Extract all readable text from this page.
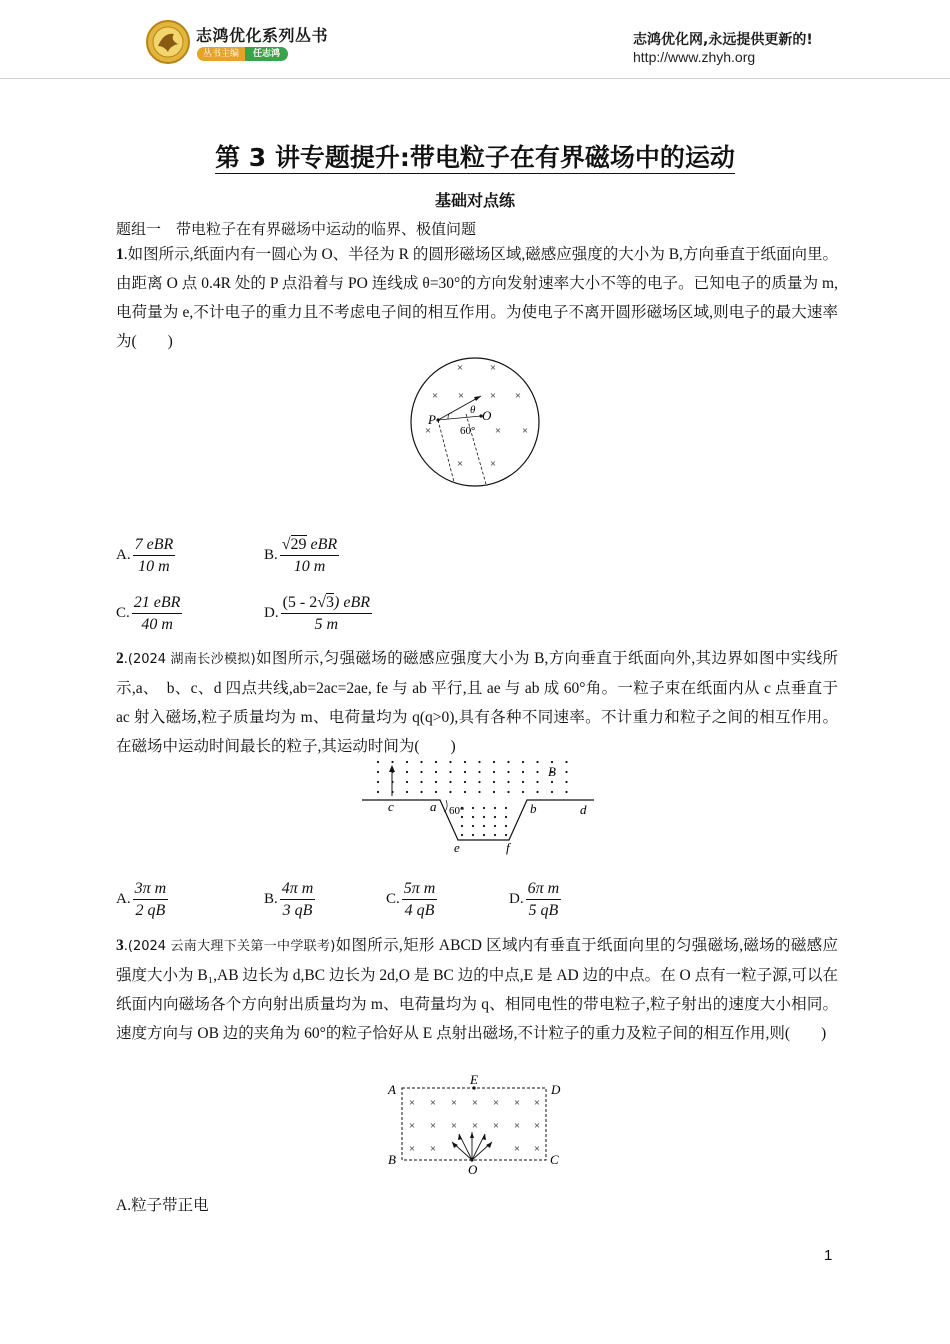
志鸿优化系列丛书
丛书主编	任志鸿
志鸿优化网,永远提供更新的!
http://www.zhyh.org
第 3 讲专题提升:带电粒子在有界磁场中的运动
基础对点练
题组一　带电粒子在有界磁场中运动的临界、极值问题
1.如图所示,纸面内有一圆心为 O、半径为 R 的圆形磁场区域,磁感应强度的大小为 B,方向垂直于纸面向里。由距离 O 点 0.4R 处的 P 点沿着与 PO 连线成 θ=30°的方向发射速率大小不等的电子。已知电子的质量为 m,电荷量为 e,不计电子的重力且不考虑电子间的相互作用。为使电子不离开圆形磁场区域,则电子的最大速率为(　　)
× ×
× × × ×
×	× ×
× ×
P	O
θ
60°
A. $\frac{\text{7 eBR}}{10 m}$	B. $\frac{\text{√29 eBR}}{10 m}$
C. $\frac{\text{21 eBR}}{40 m}$	D. $\frac{\text{(5 - 2√3) eBR}}{5 m}$
2.(2024 湖南长沙模拟)如图所示,匀强磁场的磁感应强度大小为 B,方向垂直于纸面向外,其边界如图中实线所示,a、　b、c、d 四点共线,ab=2ac=2ae, fe 与 ab 平行,且 ae 与 ab 成 60°角。一粒子束在纸面内从 c 点垂直于 ac 射入磁场,粒子质量均为 m、电荷量均为 q(q>0),具有各种不同速率。不计重力和粒子之间的相互作用。在磁场中运动时间最长的粒子,其运动时间为(　　)
B
c	a	b	d
e	f
60°
A. $\frac{\text{3π m}}{2 qB}$	B. $\frac{\text{4π m}}{3 qB}$	C. $\frac{\text{5π m}}{4 qB}$	D. $\frac{\text{6π m}}{5 qB}$
3.(2024 云南大理下关第一中学联考)如图所示,矩形 ABCD 区域内有垂直于纸面向里的匀强磁场,磁场的磁感应强度大小为 B₁,AB 边长为 d,BC 边长为 2d,O 是 BC 边的中点,E 是 AD 边的中点。在 O 点有一粒子源,可以在纸面内向磁场各个方向射出质量均为 m、电荷量均为 q、相同电性的带电粒子,粒子射出的速度大小相同。速度方向与 OB 边的夹角为 60°的粒子恰好从 E 点射出磁场,不计粒子的重力及粒子间的相互作用,则(　　)
× × × × × × ×
× × × × × × ×
× ×	× ×
A
E
D
B
O
C
A.粒子带正电
1
